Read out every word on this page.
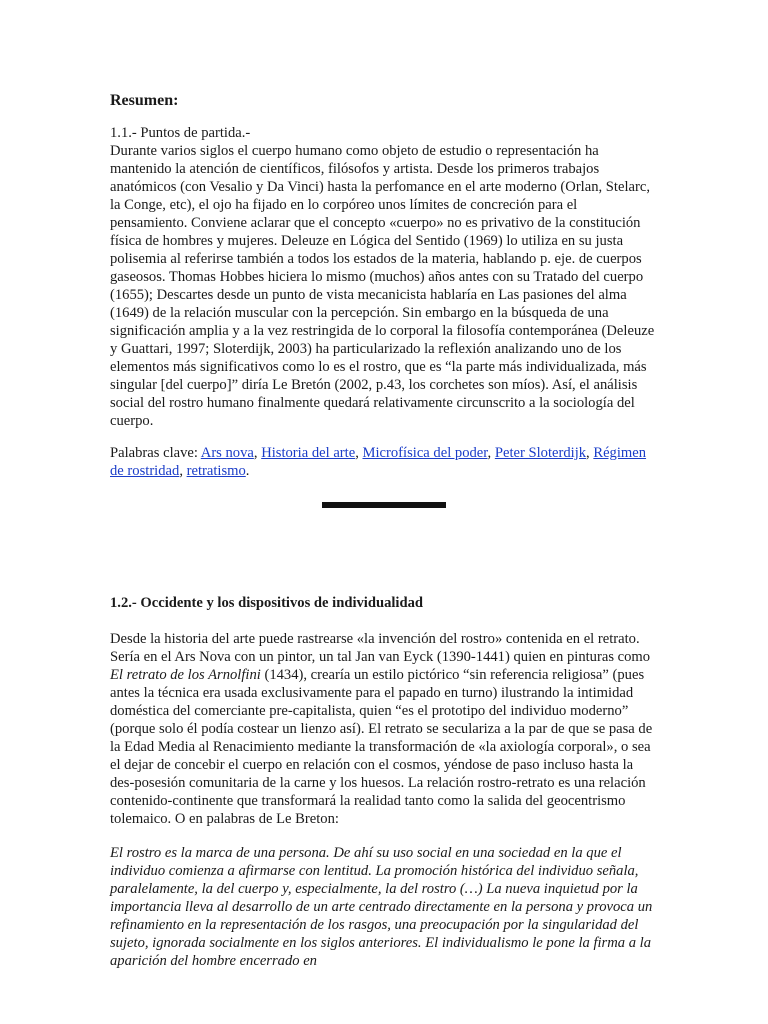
Resumen:

1.1.- Puntos de partida.-

Durante varios siglos el cuerpo humano como objeto de estudio o representación ha mantenido la atención de científicos, filósofos y artista. Desde los primeros trabajos anatómicos (con Vesalio y Da Vinci) hasta la perfomance en el arte moderno (Orlan, Stelarc, la Conge, etc), el ojo ha fijado en lo corpóreo unos límites de concreción para el pensamiento. Conviene aclarar que el concepto «cuerpo» no es privativo de la constitución física de hombres y mujeres. Deleuze en Lógica del Sentido (1969) lo utiliza en su justa polisemia al referirse también a todos los estados de la materia, hablando p. eje. de cuerpos gaseosos. Thomas Hobbes hiciera lo mismo (muchos) años antes con su Tratado del cuerpo (1655); Descartes desde un punto de vista mecanicista hablaría en Las pasiones del alma (1649) de la relación muscular con la percepción. Sin embargo en la búsqueda de una significación amplia y a la vez restringida de lo corporal la filosofía contemporánea (Deleuze y Guattari, 1997; Sloterdijk, 2003) ha particularizado la reflexión analizando uno de los elementos más significativos como lo es el rostro, que es “la parte más individualizada, más singular [del cuerpo]” diría Le Bretón (2002, p.43, los corchetes son míos). Así, el análisis social del rostro humano finalmente quedará relativamente circunscrito a la sociología del cuerpo.

Palabras clave: Ars nova, Historia del arte, Microfísica del poder, Peter Sloterdijk, Régimen de rostridad, retratismo.

1.2.- Occidente y los dispositivos de individualidad

Desde la historia del arte puede rastrearse «la invención del rostro» contenida en el retrato. Sería en el Ars Nova con un pintor, un tal Jan van Eyck (1390-1441) quien en pinturas como El retrato de los Arnolfini (1434), crearía un estilo pictórico “sin referencia religiosa” (pues antes la técnica era usada exclusivamente para el papado en turno) ilustrando la intimidad doméstica del comerciante pre-capitalista, quien “es el prototipo del individuo moderno” (porque solo él podía costear un lienzo así). El retrato se seculariza a la par de que se pasa de la Edad Media al Renacimiento mediante la transformación de «la axiología corporal», o sea el dejar de concebir el cuerpo en relación con el cosmos, yéndose de paso incluso hasta la des-posesión comunitaria de la carne y los huesos. La relación rostro-retrato es una relación contenido-continente que transformará la realidad tanto como la salida del geocentrismo tolemaico. O en palabras de Le Breton:

El rostro es la marca de una persona. De ahí su uso social en una sociedad en la que el individuo comienza a afirmarse con lentitud. La promoción histórica del individuo señala, paralelamente, la del cuerpo y, especialmente, la del rostro (…) La nueva inquietud por la importancia lleva al desarrollo de un arte centrado directamente en la persona y provoca un refinamiento en la representación de los rasgos, una preocupación por la singularidad del sujeto, ignorada socialmente en los siglos anteriores. El individualismo le pone la firma a la aparición del hombre encerrado en
